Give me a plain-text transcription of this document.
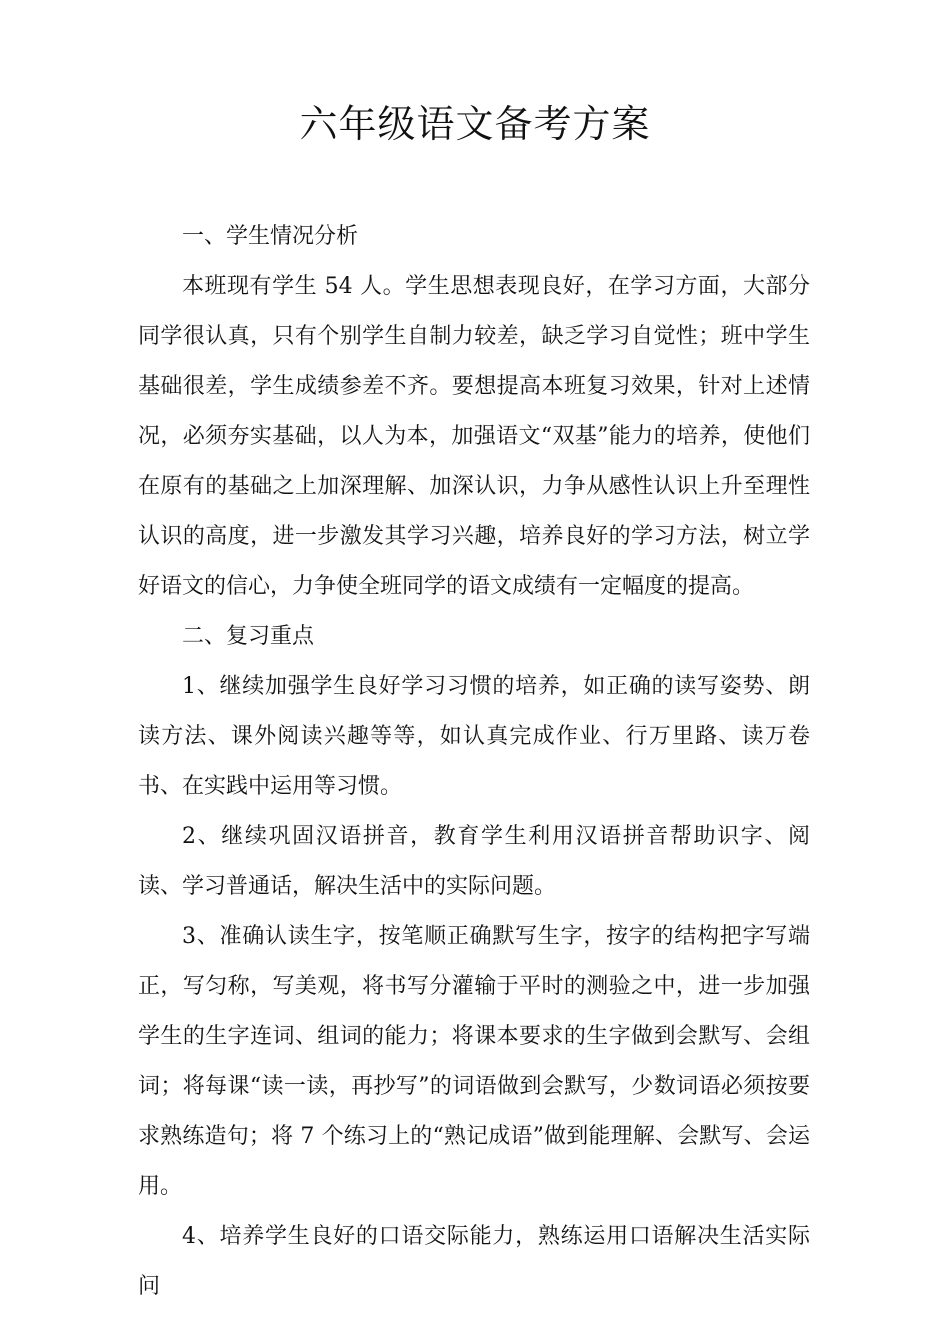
六年级语文备考方案

一、学生情况分析

本班现有学生 54 人。学生思想表现良好，在学习方面，大部分同学很认真，只有个别学生自制力较差，缺乏学习自觉性；班中学生基础很差，学生成绩参差不齐。要想提高本班复习效果，针对上述情况，必须夯实基础，以人为本，加强语文“双基”能力的培养，使他们在原有的基础之上加深理解、加深认识，力争从感性认识上升至理性认识的高度，进一步激发其学习兴趣，培养良好的学习方法，树立学好语文的信心，力争使全班同学的语文成绩有一定幅度的提高。

二、复习重点

1、继续加强学生良好学习习惯的培养，如正确的读写姿势、朗读方法、课外阅读兴趣等等，如认真完成作业、行万里路、读万卷书、在实践中运用等习惯。

2、继续巩固汉语拼音，教育学生利用汉语拼音帮助识字、阅读、学习普通话，解决生活中的实际问题。

3、准确认读生字，按笔顺正确默写生字，按字的结构把字写端正，写匀称，写美观，将书写分灌输于平时的测验之中，进一步加强学生的生字连词、组词的能力；将课本要求的生字做到会默写、会组词；将每课“读一读，再抄写”的词语做到会默写，少数词语必须按要求熟练造句；将 7 个练习上的“熟记成语”做到能理解、会默写、会运用。

4、培养学生良好的口语交际能力，熟练运用口语解决生活实际问
